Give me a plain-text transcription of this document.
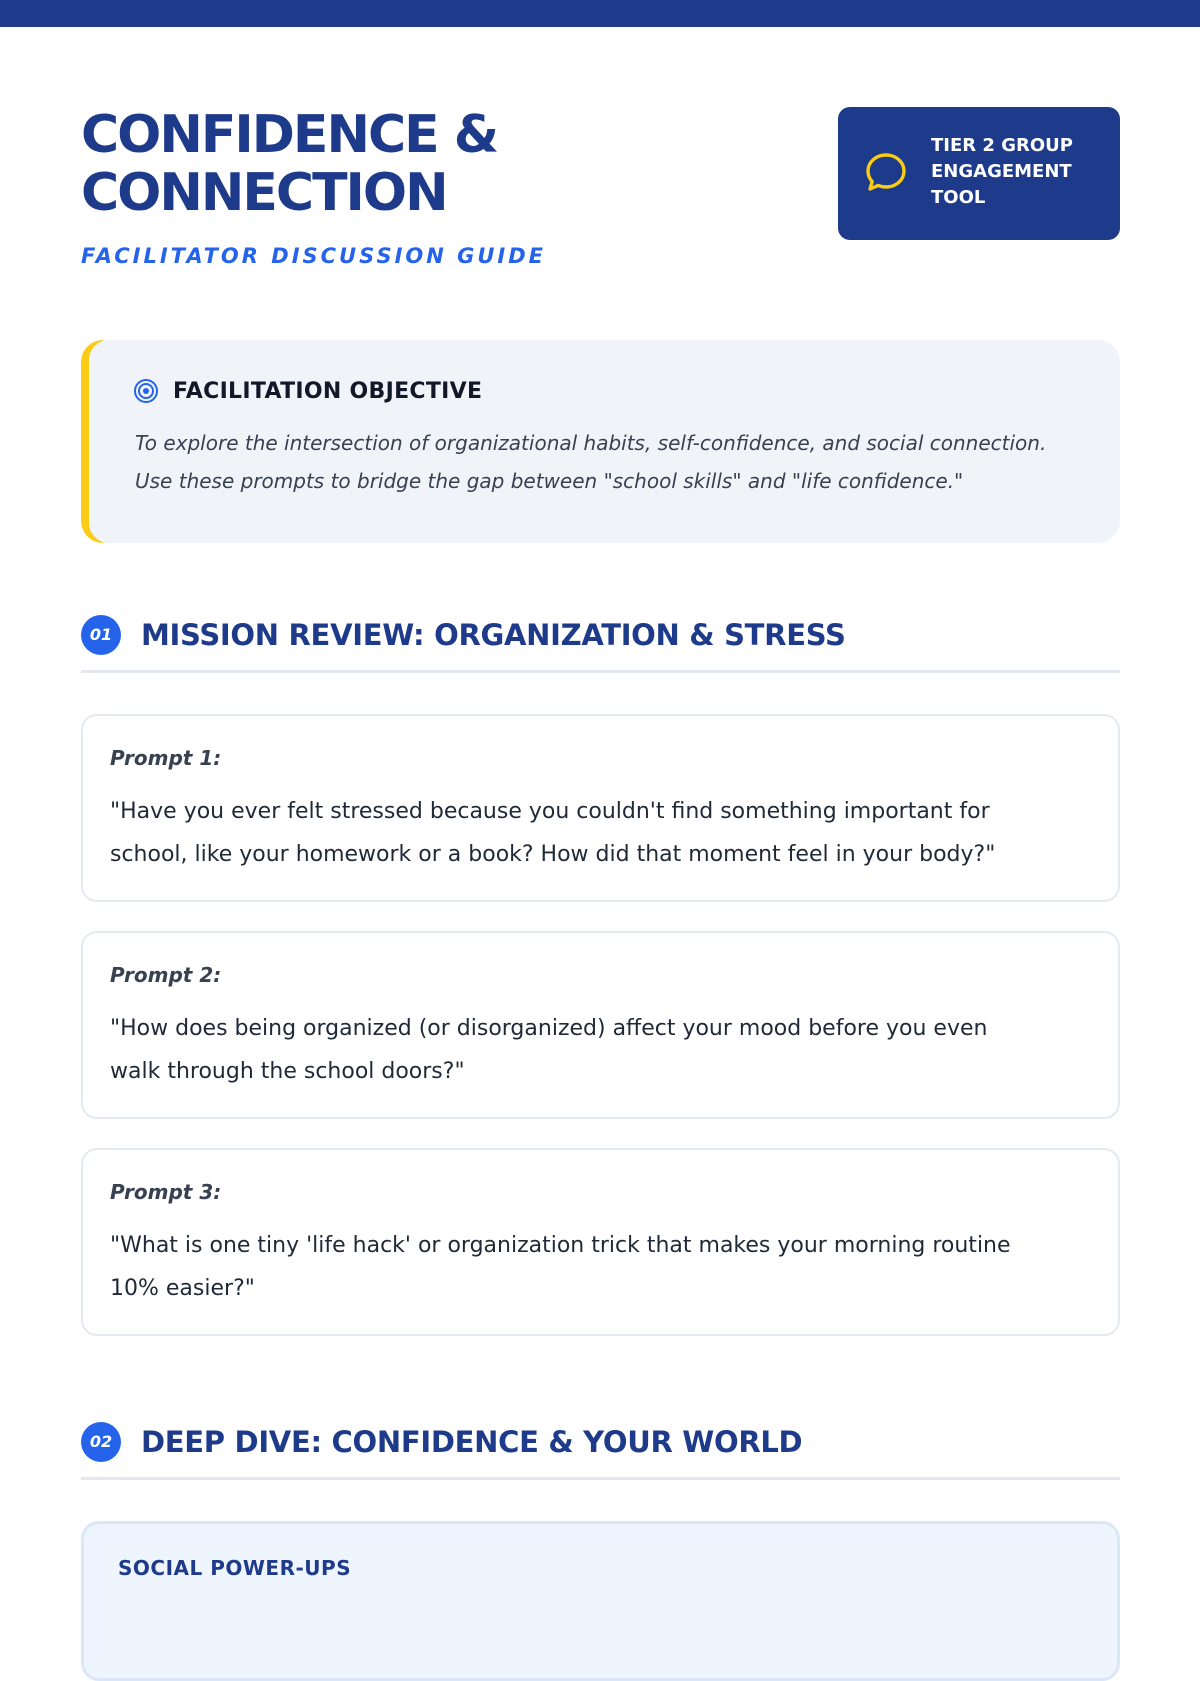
CONFIDENCE &
CONNECTION
FACILITATOR DISCUSSION GUIDE
TIER 2 GROUP
ENGAGEMENT
TOOL
FACILITATION OBJECTIVE

To explore the intersection of organizational habits, self-confidence, and social connection.
Use these prompts to bridge the gap between "school skills" and "life confidence."

01 MISSION REVIEW: ORGANIZATION & STRESS
Prompt 1:

"Have you ever felt stressed because you couldn't find something important for
school, like your homework or a book? How did that moment feel in your body?"

Prompt 2:

"How does being organized (or disorganized) affect your mood before you even
walk through the school doors?"

Prompt 3:

"What is one tiny 'life hack' or organization trick that makes your morning routine
10% easier?"

02 DEEP DIVE: CONFIDENCE & YOUR WORLD
SOCIAL POWER-UPS
